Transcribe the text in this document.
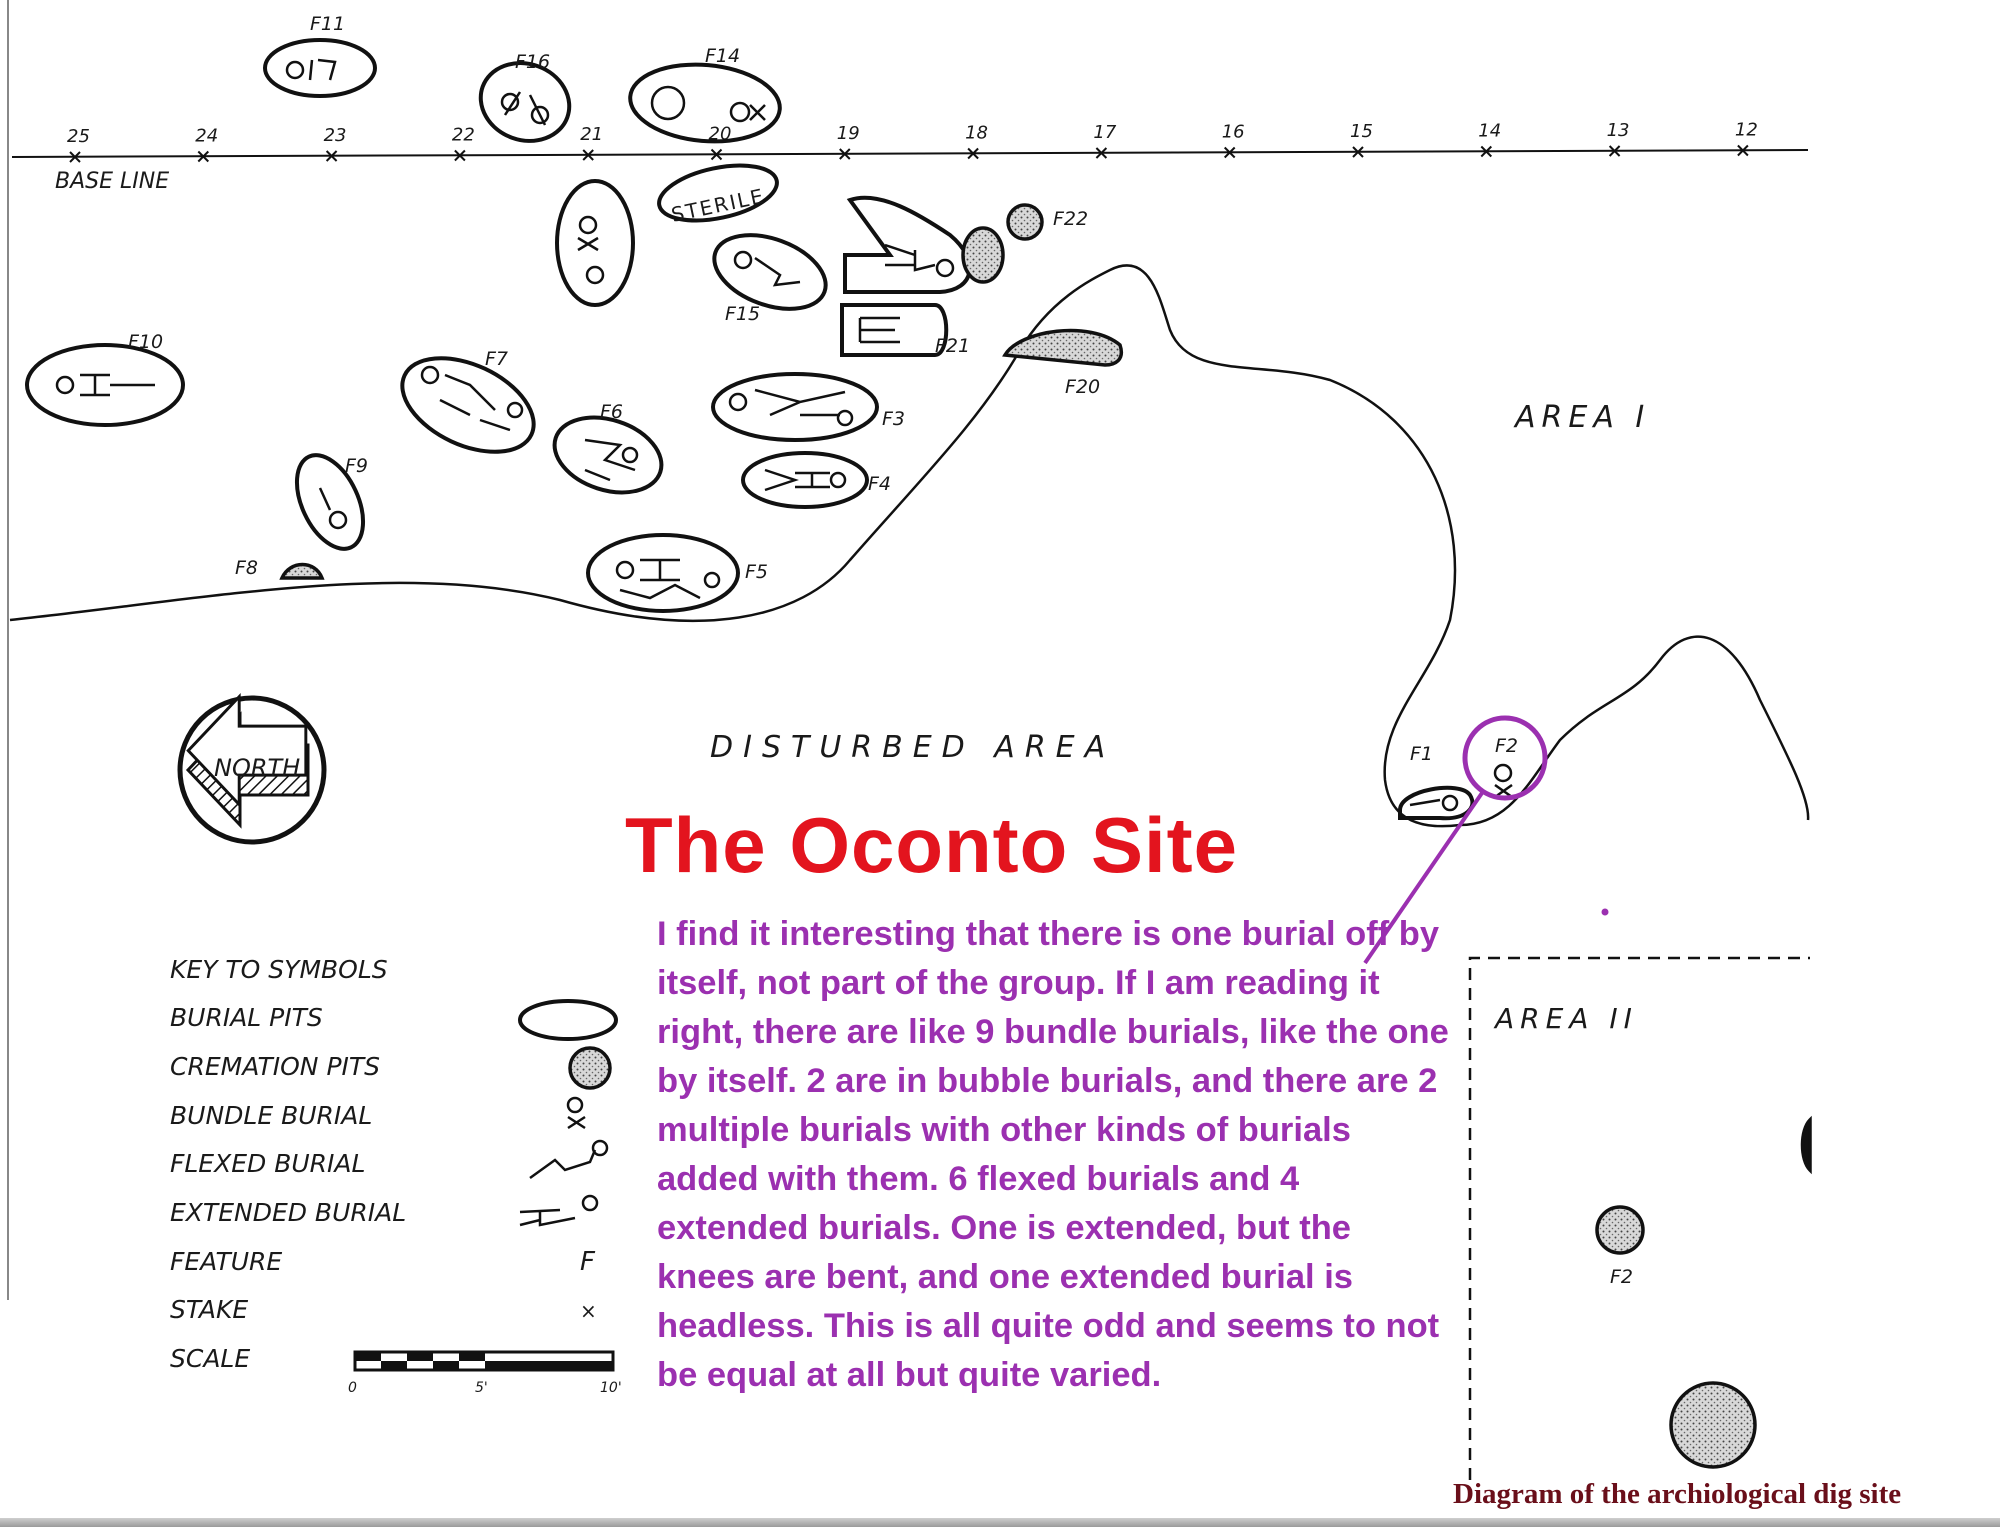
BASE LINE
25	24	23	22	21	20	19	18	17	16	15	14	13	12
NORTH
DISTURBED AREA
AREA I
AREA II
F11
F16	F14
STERILE
F15
F21
F22
F20
F10
F7
F6
F9
F3
F4
F5
F8
F1	F2
F2
KEY TO SYMBOLS
BURIAL PITS
CREMATION PITS
BUNDLE BURIAL
FLEXED BURIAL
EXTENDED BURIAL
FEATURE
STAKE
SCALE
F
×
0	5'	10'
The Oconto Site
I find it interesting that there is one burial off by itself, not part of the group. If I am reading it right, there are like 9 bundle burials, like the one by itself. 2 are in bubble burials, and there are 2 multiple burials with other kinds of burials added with them. 6 flexed burials and 4 extended burials. One is extended, but the knees are bent, and one extended burial is headless. This is all quite odd and seems to not be equal at all but quite varied.
Diagram of the archiological dig site
